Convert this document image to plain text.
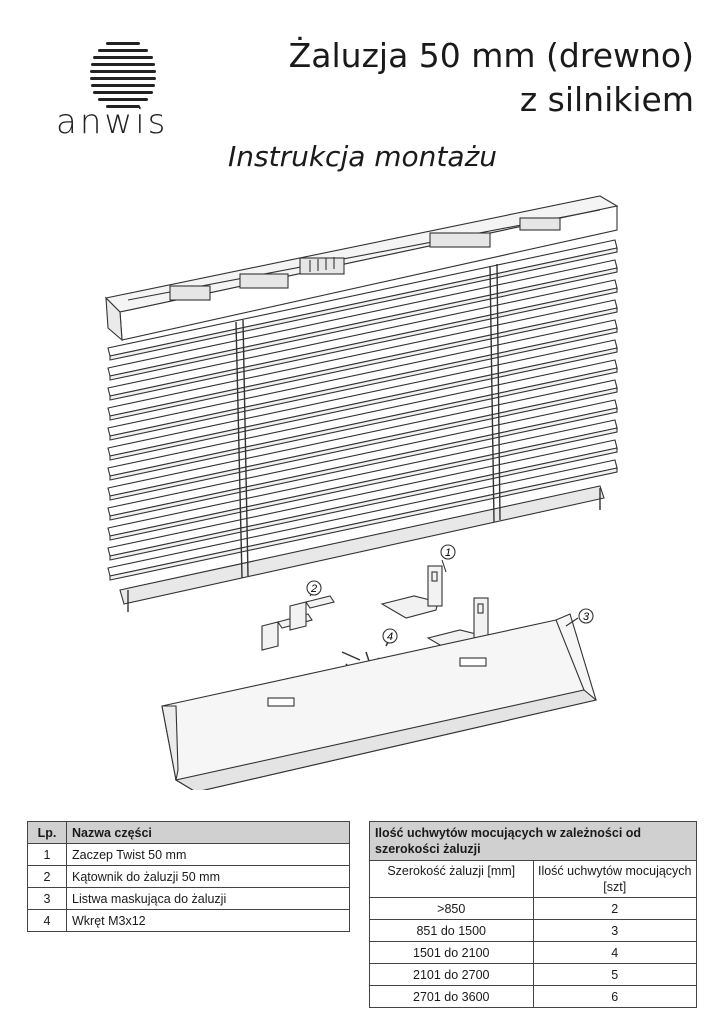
anwis
Żaluzja 50 mm (drewno)
z silnikiem
Instrukcja montażu
1
2
3
4
Lp.	Nazwa części
1	Zaczep Twist 50 mm
2	Kątownik do żaluzji 50 mm
3	Listwa maskująca do żaluzji
4	Wkręt M3x12
Ilość uchwytów mocujących w zależności od szerokości żaluzji	
Szerokość żaluzji [mm]	Ilość uchwytów mocujących [szt]
>850	2
851 do 1500	3
1501 do 2100	4
2101 do 2700	5
2701 do 3600	6
